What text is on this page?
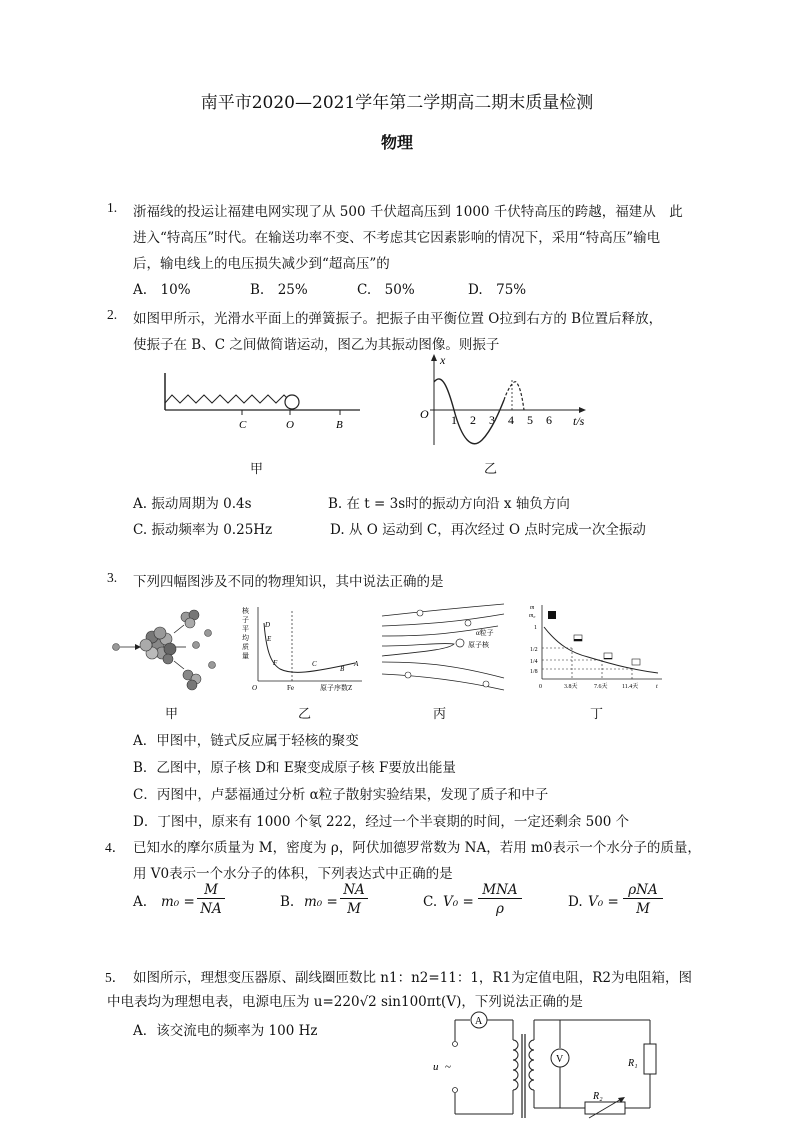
南平市2020—2021学年第二学期高二期末质量检测
物理
1. 浙福线的投运让福建电网实现了从 500 千伏超高压到 1000 千伏特高压的跨越，福建从　此
进入“特高压”时代。在输送功率不变、不考虑其它因素影响的情况下，采用“特高压”输电
后，输电线上的电压损失减少到“超高压”的
A.　10%	B.　25%	C.　50%	D.　75%
2. 如图甲所示，光滑水平面上的弹簧振子。把振子由平衡位置 O拉到右方的 B位置后释放，
使振子在 B、C 之间做简谐运动，图乙为其振动图像。则振子
C	O	B
甲
x
O	t/s
1 2 3 4 5 6
乙
A. 振动周期为 0.4s	B. 在 t = 3s时的振动方向沿 x 轴负方向
C. 振动频率为 0.25Hz	D. 从 O 运动到 C，再次经过 O 点时完成一次全振动
3. 下列四幅图涉及不同的物理知识，其中说法正确的是
甲
核
子
平
均
质
量
D
E
F	C
B
A
O	Fe	原子序数Z
乙
α粒子
原子核
丙
m
m₀
1
1/2
1/4
1/8
0	3.8天	7.6天 11.4天	t
丁
A．甲图中，链式反应属于轻核的聚变
B．乙图中，原子核 D和 E聚变成原子核 F要放出能量
C．丙图中，卢瑟福通过分析 α粒子散射实验结果，发现了质子和中子
D．丁图中，原来有 1000 个氡 222，经过一个半衰期的时间，一定还剩余 500 个
4． 已知水的摩尔质量为 M，密度为 ρ，阿伏加德罗常数为 NA，若用 m0表示一个水分子的质量，
用 V0表示一个水分子的体积，下列表达式中正确的是
A. m₀ =
M
NA	B. m₀ =
NA
M	C. V₀ =
MNA
ρ	D. V₀ =
ρNA
M
5． 如图所示，理想变压器原、副线圈匝数比 n1：n2=11：1，R1为定值电阻，R2为电阻箱，图
中电表均为理想电表，电源电压为 u=220√2 sin100πt(V)，下列说法正确的是
A．该交流电的频率为 100 Hz
A
u ~
V	R₁
R₂
